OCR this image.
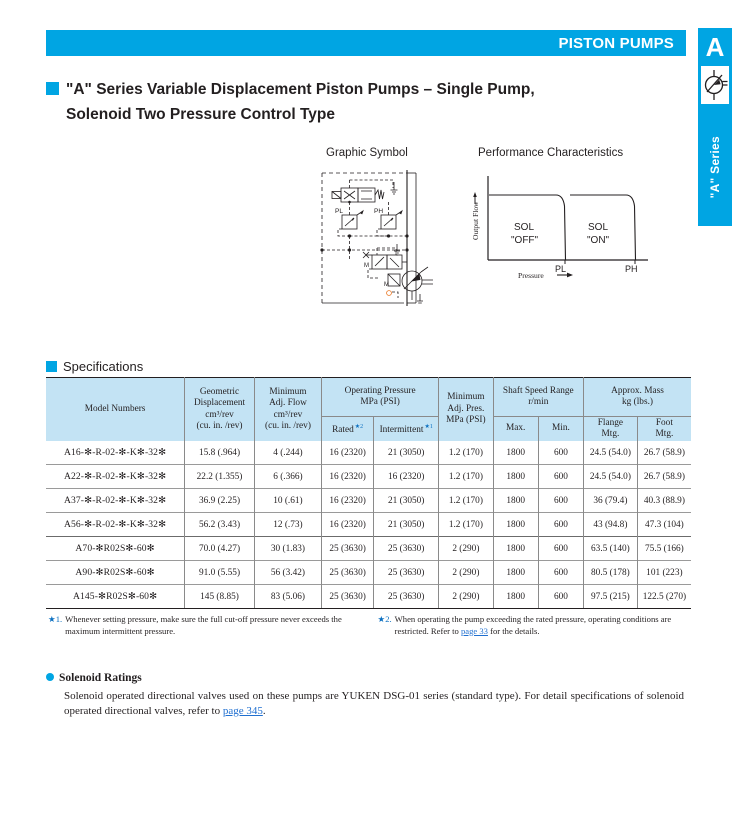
PISTON PUMPS	A
"A" Series
"A" Series Variable Displacement Piston Pumps – Single Pump,
Solenoid Two Pressure Control Type
Graphic Symbol	Performance Characteristics
PL	PH
M
M
Output Flow
Pressure
PL	PH
SOL
"OFF"
SOL
"ON"
Specifications
Model Numbers	Geometric
Displacement
cm³/rev
(cu. in. /rev)	Minimum
Adj. Flow
cm³/rev
(cu. in. /rev)	Operating Pressure
MPa (PSI)		Minimum
Adj. Pres.
MPa (PSI)	Shaft Speed Range
r/min		Approx. Mass
kg (lbs.)	
			Rated$^{★2}$	Intermittent$^{★1}$		Max.	Min.	Flange
Mtg.	Foot
Mtg.
A16-✻-R-02-✻-K✻-32✻	15.8 (.964)	4 (.244)	16 (2320)	21 (3050)	1.2 (170)	1800	600	24.5 (54.0)	26.7 (58.9)
A22-✻-R-02-✻-K✻-32✻	22.2 (1.355)	6 (.366)	16 (2320)	16 (2320)	1.2 (170)	1800	600	24.5 (54.0)	26.7 (58.9)
A37-✻-R-02-✻-K✻-32✻	36.9 (2.25)	10 (.61)	16 (2320)	21 (3050)	1.2 (170)	1800	600	36 (79.4)	40.3 (88.9)
A56-✻-R-02-✻-K✻-32✻	56.2 (3.43)	12 (.73)	16 (2320)	21 (3050)	1.2 (170)	1800	600	43 (94.8)	47.3 (104)
A70-✻R02S✻-60✻	70.0 (4.27)	30 (1.83)	25 (3630)	25 (3630)	2 (290)	1800	600	63.5 (140)	75.5 (166)
A90-✻R02S✻-60✻	91.0 (5.55)	56 (3.42)	25 (3630)	25 (3630)	2 (290)	1800	600	80.5 (178)	101 (223)
A145-✻R02S✻-60✻	145 (8.85)	83 (5.06)	25 (3630)	25 (3630)	2 (290)	1800	600	97.5 (215)	122.5 (270)
★1. Whenever setting pressure, make sure the full cut-off pressure never exceeds the maximum intermittent pressure.
★2. When operating the pump exceeding the rated pressure, operating conditions are restricted. Refer to page 33 for the details.
Solenoid Ratings
Solenoid operated directional valves used on these pumps are YUKEN DSG-01 series (standard type). For detail specifications of solenoid operated directional valves, refer to page 345.
